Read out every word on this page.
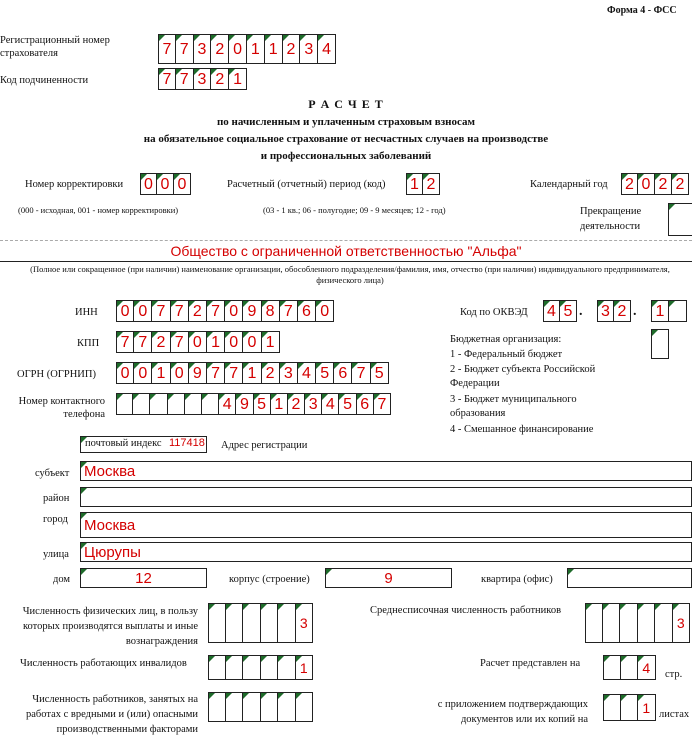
Форма 4 - ФСС
Регистрационный номер страхователя	7 7 3 2 0 1 1 2 3 4
Код подчиненности	7 7 3 2 1
Р А С Ч Е Т
по начисленным и уплаченным страховым взносам
на обязательное социальное страхование от несчастных случаев на производстве
и профессиональных заболеваний
Номер корректировки 0 0 0
(000 - исходная, 001 - номер корректировки)
Расчетный (отчетный) период (код) 1 2
(03 - 1 кв.; 06 - полугодие; 09 - 9 месяцев; 12 - год)
Календарный год 2 0 2 2
Прекращение деятельности
Общество с ограниченной ответственностью "Альфа"
(Полное или сокращенное (при наличии) наименование организации, обособленного подразделения/фамилия, имя, отчество (при наличии) индивидуального предпринимателя, физического лица)
ИНН 0 0 7 7 2 7 0 9 8 7 6 0	Код по ОКВЭД 4 5 . 3 2 . 1
КПП 7 7 2 7 0 1 0 0 1	Бюджетная организация:
1 - Федеральный бюджет
2 - Бюджет субъекта Российской Федерации
3 - Бюджет муниципального образования
4 - Смешанное финансирование
ОГРН (ОГРНИП) 0 0 1 0 9 7 7 1 2 3 4 5 6 7 5
Номер контактного телефона
4 9 5 1 2 3 4 5 6 7
почтовый индекс 117418 Адрес регистрации
субъект Москва
район
город Москва
улица Цюрупы
дом	12	корпус (строение)	9	квартира (офис)
Численность физических лиц, в пользу которых производятся выплаты и иные вознаграждения
3
Среднесписочная численность работников
3
Численность работающих инвалидов	1	Расчет представлен на	4	стр.
Численность работников, занятых на работах с вредными и (или) опасными производственными факторами
с приложением подтверждающих документов или их копий на
1 листах
